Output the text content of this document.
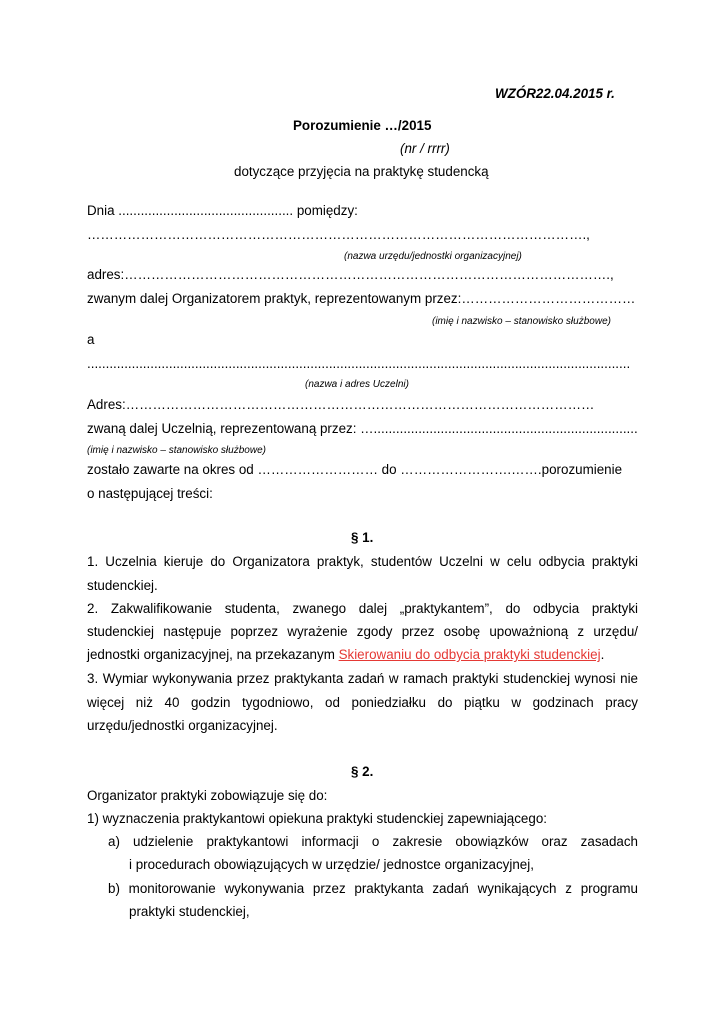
WZÓR22.04.2015 r.
Porozumienie …/2015
(nr / rrrr)
dotyczące przyjęcia na praktykę studencką
Dnia ............................................... pomiędzy:
………………………………………………………………………………………………….,
(nazwa urzędu/jednostki organizacyjnej)
adres:……………………………………………………………………………………………….,
zwanym dalej Organizatorem praktyk, reprezentowanym przez:…………………………………
(imię i nazwisko – stanowisko służbowe)
a
..................................................................................................................................................
(nazwa i adres Uczelni)
Adres:……………………………………………………………………………………………
zwaną dalej Uczelnią, reprezentowaną przez: ….......................................................................
(imię i nazwisko – stanowisko służbowe)
zostało zawarte na okres od ……………………… do …………………….…….porozumienie
o następującej treści:
§ 1.
1. Uczelnia kieruje do Organizatora praktyk, studentów Uczelni w celu odbycia praktyki
studenckiej.
2. Zakwalifikowanie studenta, zwanego dalej „praktykantem”, do odbycia praktyki
studenckiej następuje poprzez wyrażenie zgody przez osobę upoważnioną z urzędu/
jednostki organizacyjnej, na przekazanym Skierowaniu do odbycia praktyki studenckiej.
3. Wymiar wykonywania przez praktykanta zadań w ramach praktyki studenckiej wynosi nie
więcej niż 40 godzin tygodniowo, od poniedziałku do piątku w godzinach pracy
urzędu/jednostki organizacyjnej.
§ 2.
Organizator praktyki zobowiązuje się do:
1) wyznaczenia praktykantowi opiekuna praktyki studenckiej zapewniającego:
a) udzielenie praktykantowi informacji o zakresie obowiązków oraz zasadach
i procedurach obowiązujących w urzędzie/ jednostce organizacyjnej,
b) monitorowanie wykonywania przez praktykanta zadań wynikających z programu
praktyki studenckiej,
